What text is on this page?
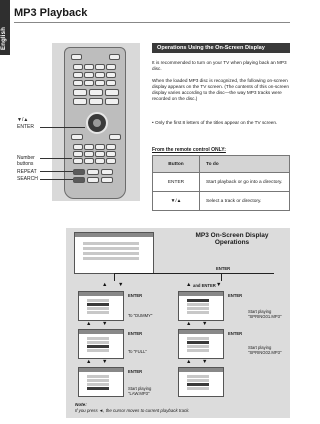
English
MP3 Playback
▼/▲
ENTER
Number buttons
REPEAT
SEARCH
Operations Using the On-Screen Display
It is recommended to turn on your TV when playing back an MP3 disc.
When the loaded MP3 disc is recognized, the following on-screen display appears on the TV screen. (The contents of this on-screen display varies according to the disc—the way MP3 tracks were recorded on the disc.)
• Only the first 8 letters of the titles appear on the TV screen.
From the remote control ONLY:
Button	To do
ENTER	Start playback or go into a directory.
▼/▲	Select a track or directory.
MP3 On-Screen Display Operations
ENTER
▲ ▼	▲ and ENTER ▼
ENTER
To "DUMMY"
▲ ▼
ENTER
To "FULL"
▲ ▼
ENTER
Start playing "LAW.MP3"
ENTER
Start playing "SPRING01.MP3"
▲ ▼
ENTER
Start playing "SPRING02.MP3"
▲ ▼
Note:
If you press ◄, the cursor moves to current playback track.
